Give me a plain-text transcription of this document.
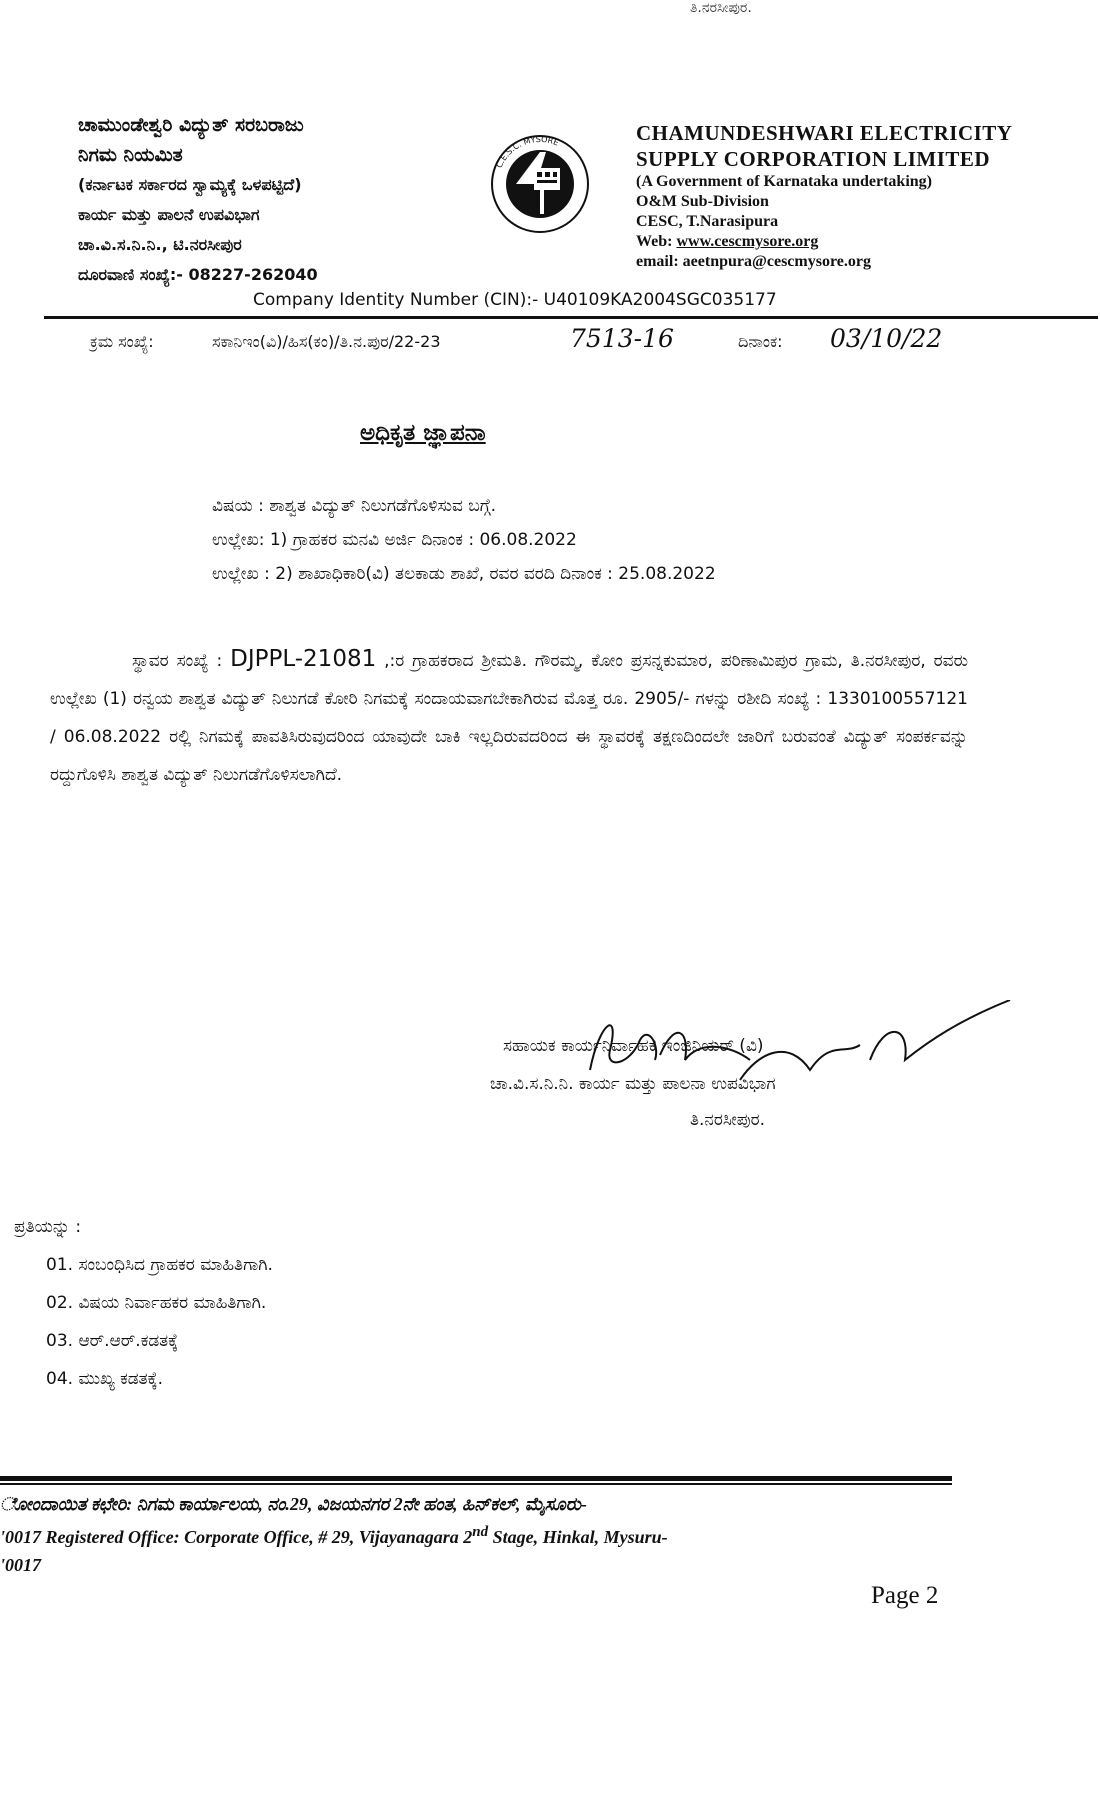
ತಿ.ನರಸೀಪುರ.
ಚಾಮುಂಡೇಶ್ವರಿ ವಿದ್ಯುತ್ ಸರಬರಾಜು
ನಿಗಮ ನಿಯಮಿತ
(ಕರ್ನಾಟಕ ಸರ್ಕಾರದ ಸ್ವಾಮ್ಯಕ್ಕೆ ಒಳಪಟ್ಟಿದೆ)
ಕಾರ್ಯ ಮತ್ತು ಪಾಲನೆ ಉಪವಿಭಾಗ
ಚಾ.ವಿ.ಸ.ನಿ.ನಿ., ಟಿ.ನರಸೀಪುರ
ದೂರವಾಣಿ ಸಂಖ್ಯೆ:- 08227-262040
C.E.S.C. MYSORE	CHAMUNDESHWARI ELECTRICITY
SUPPLY CORPORATION LIMITED
(A Government of Karnataka undertaking)
O&M Sub-Division
CESC, T.Narasipura
Web: www.cescmysore.org
email: aeetnpura@cescmysore.org
Company Identity Number (CIN):- U40109KA2004SGC035177
ಕ್ರಮ ಸಂಖ್ಯೆ:	ಸಕಾನಿಇಂ(ವಿ)/ಹಿಸ(ಕಂ)/ತಿ.ನ.ಪುರ/22-23	7513-16	ದಿನಾಂಕ: 03/10/22
ಅಧಿಕೃತ ಜ್ಞಾಪನಾ
ವಿಷಯ : ಶಾಶ್ವತ ವಿದ್ಯುತ್ ನಿಲುಗಡೆಗೊಳಿಸುವ ಬಗ್ಗೆ.
ಉಲ್ಲೇಖ: 1) ಗ್ರಾಹಕರ ಮನವಿ ಅರ್ಜಿ ದಿನಾಂಕ : 06.08.2022
ಉಲ್ಲೇಖ : 2) ಶಾಖಾಧಿಕಾರಿ(ವಿ) ತಲಕಾಡು ಶಾಖೆ, ರವರ ವರದಿ ದಿನಾಂಕ : 25.08.2022
ಸ್ಥಾವರ ಸಂಖ್ಯೆ : DJPPL-21081 ,:ರ ಗ್ರಾಹಕರಾದ ಶ್ರೀಮತಿ. ಗೌರಮ್ಮ, ಕೋಂ ಪ್ರಸನ್ನಕುಮಾರ, ಪರಿಣಾಮಿಪುರ ಗ್ರಾಮ, ತಿ.ನರಸೀಪುರ, ರವರು ಉಲ್ಲೇಖ (1) ರನ್ವಯ ಶಾಶ್ವತ ವಿದ್ಯುತ್ ನಿಲುಗಡೆ ಕೋರಿ ನಿಗಮಕ್ಕೆ ಸಂದಾಯವಾಗಬೇಕಾಗಿರುವ ಮೊತ್ತ ರೂ. 2905/- ಗಳನ್ನು ರಶೀದಿ ಸಂಖ್ಯೆ : 1330100557121 / 06.08.2022 ರಲ್ಲಿ ನಿಗಮಕ್ಕೆ ಪಾವತಿಸಿರುವುದರಿಂದ ಯಾವುದೇ ಬಾಕಿ ಇಲ್ಲದಿರುವದರಿಂದ ಈ ಸ್ಥಾವರಕ್ಕೆ ತಕ್ಷಣದಿಂದಲೇ ಜಾರಿಗೆ ಬರುವಂತೆ ವಿದ್ಯುತ್ ಸಂಪರ್ಕವನ್ನು ರದ್ದುಗೊಳಿಸಿ ಶಾಶ್ವತ ವಿದ್ಯುತ್ ನಿಲುಗಡೆಗೊಳಿಸಲಾಗಿದೆ.
ಸಹಾಯಕ ಕಾರ್ಯನಿರ್ವಾಹಕ ಇಂಜಿನಿಯರ್ (ವಿ)
ಚಾ.ವಿ.ಸ.ನಿ.ನಿ. ಕಾರ್ಯ ಮತ್ತು ಪಾಲನಾ ಉಪವಿಭಾಗ
ತಿ.ನರಸೀಪುರ.
ಪ್ರತಿಯನ್ನು :
01. ಸಂಬಂಧಿಸಿದ ಗ್ರಾಹಕರ ಮಾಹಿತಿಗಾಗಿ.
02. ವಿಷಯ ನಿರ್ವಾಹಕರ ಮಾಹಿತಿಗಾಗಿ.
03. ಆರ್.ಆರ್.ಕಡತಕ್ಕೆ
04. ಮುಖ್ಯ ಕಡತಕ್ಕೆ.
ೋಂದಾಯಿತ ಕಛೇರಿ: ನಿಗಮ ಕಾರ್ಯಾಲಯ, ನಂ.29, ವಿಜಯನಗರ 2ನೇ ಹಂತ, ಹಿನ್‌ಕಲ್, ಮೈಸೂರು-
'0017 Registered Office: Corporate Office, # 29, Vijayanagara 2nd Stage, Hinkal, Mysuru-
'0017
Page 2
